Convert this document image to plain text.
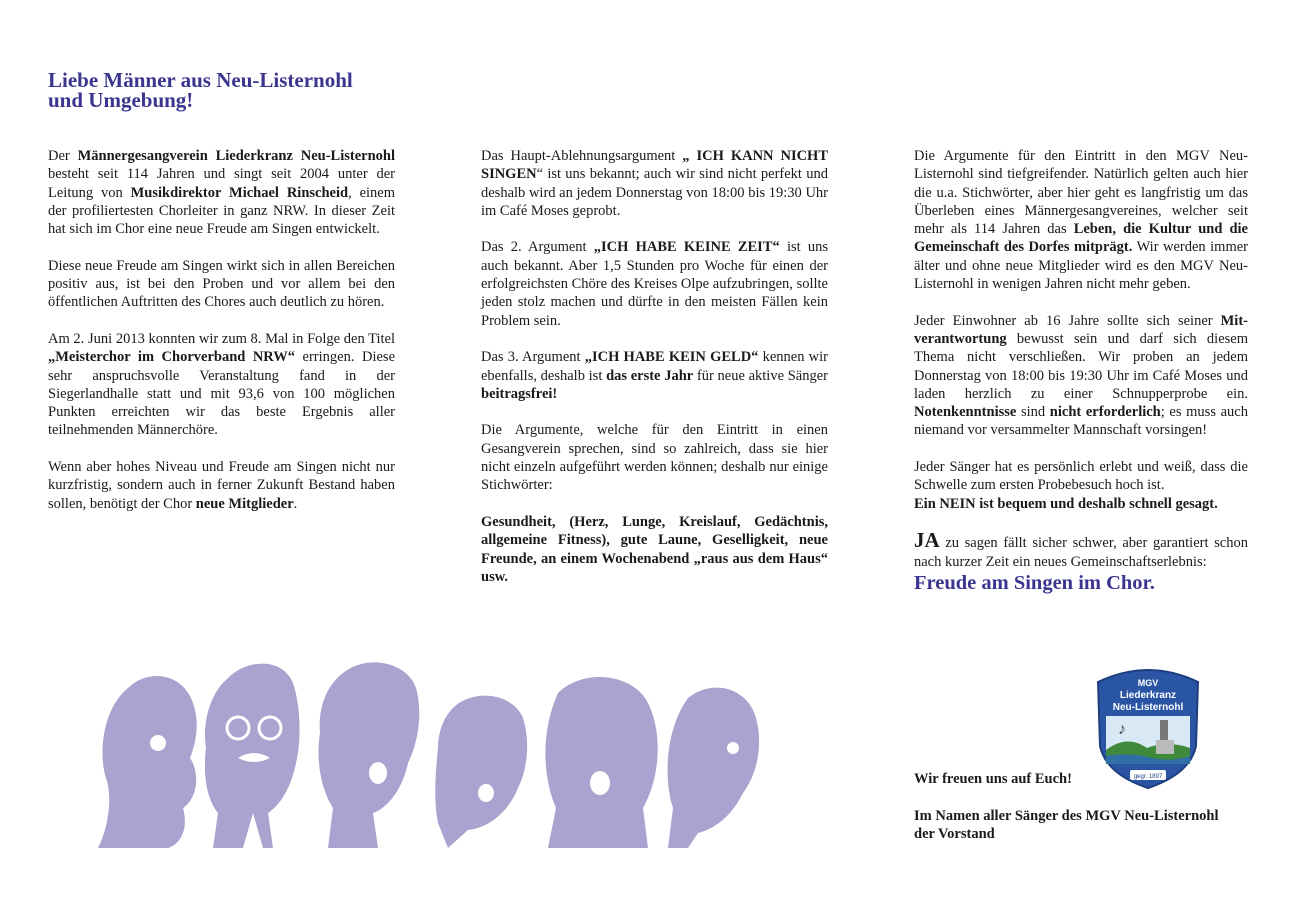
Liebe Männer aus Neu-Listernohl
und Umgebung!

Der Männergesangverein Liederkranz Neu-Listernohl besteht seit 114 Jahren und singt seit 2004 unter der Leitung von Musikdirektor Michael Rinscheid, einem der profiliertesten Chorleiter in ganz NRW. In dieser Zeit hat sich im Chor eine neue Freude am Singen entwickelt.

Diese neue Freude am Singen wirkt sich in allen Bereichen positiv aus, ist bei den Proben und vor allem bei den öffentlichen Auftritten des Chores auch deutlich zu hören.

Am 2. Juni 2013 konnten wir zum 8. Mal in Folge den Titel „Meisterchor im Chorverband NRW“ erringen. Diese sehr anspruchsvolle Veranstaltung fand in der Siegerlandhalle statt und mit 93,6 von 100 möglichen Punkten erreichten wir das beste Ergebnis aller teilnehmenden Männerchöre.

Wenn aber hohes Niveau und Freude am Singen nicht nur kurzfristig, sondern auch in ferner Zukunft Bestand haben sollen, benötigt der Chor neue Mitglieder.

Das Haupt-Ablehnungsargument „ ICH KANN NICHT SINGEN“ ist uns bekannt; auch wir sind nicht perfekt und deshalb wird an jedem Donnerstag von 18:00 bis 19:30 Uhr im Café Moses geprobt.

Das 2. Argument „ICH HABE KEINE ZEIT“ ist uns auch bekannt. Aber 1,5 Stunden pro Woche für einen der erfolgreichsten Chöre des Kreises Olpe aufzubringen, sollte jeden stolz machen und dürfte in den meisten Fällen kein Problem sein.

Das 3. Argument „ICH HABE KEIN GELD“ kennen wir ebenfalls, deshalb ist das erste Jahr für neue aktive Sänger beitragsfrei!

Die Argumente, welche für den Eintritt in einen Gesangverein sprechen, sind so zahlreich, dass sie hier nicht einzeln aufgeführt werden können; deshalb nur einige Stichwörter:

Gesundheit, (Herz, Lunge, Kreislauf, Gedächtnis, allgemeine Fitness), gute Laune, Geselligkeit, neue Freunde, an einem Wochenabend „raus aus dem Haus“ usw.

Die Argumente für den Eintritt in den MGV Neu-Listernohl sind tiefgreifender. Natürlich gelten auch hier die u.a. Stichwörter, aber hier geht es langfristig um das Überleben eines Männergesangvereines, welcher seit mehr als 114 Jahren das Leben, die Kultur und die Gemeinschaft des Dorfes mitprägt. Wir werden immer älter und ohne neue Mitglieder wird es den MGV Neu-Listernohl in wenigen Jahren nicht mehr geben.

Jeder Einwohner ab 16 Jahre sollte sich seiner Mitverantwortung bewusst sein und darf sich diesem Thema nicht verschließen. Wir proben an jedem Donnerstag von 18:00 bis 19:30 Uhr im Café Moses und laden herzlich zu einer Schnupperprobe ein. Notenkenntnisse sind nicht erforderlich; es muss auch niemand vor versammelter Mannschaft vorsingen!

Jeder Sänger hat es persönlich erlebt und weiß, dass die Schwelle zum ersten Probebesuch hoch ist.
Ein NEIN ist bequem und deshalb schnell gesagt.

JA zu sagen fällt sicher schwer, aber garantiert schon nach kurzer Zeit ein neues Gemeinschaftserlebnis:

Freude am Singen im Chor.

MGV
Liederkranz
Neu-Listernohl
♪
gegr. 1897

Wir freuen uns auf Euch!

Im Namen aller Sänger des MGV Neu-Listernohl
der Vorstand
